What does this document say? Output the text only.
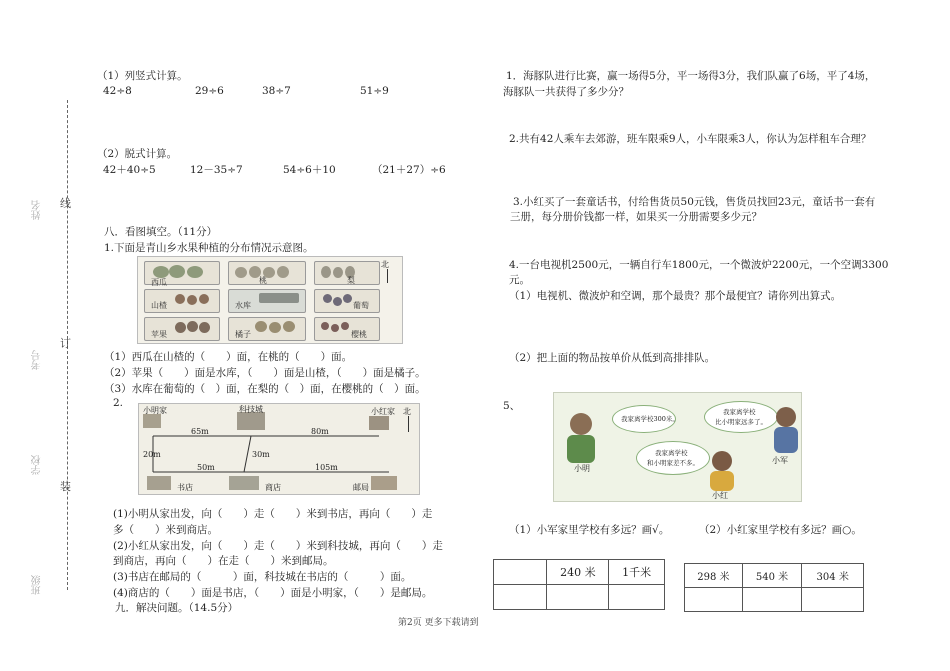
班级
学校
考号
姓名 线
订
装
（1）列竖式计算。
42÷8	29÷6	38÷7	51÷9
（2）脱式计算。
42＋40÷5	12－35÷7	54÷6＋10	（21＋27）÷6
八．看图填空。（11分）
1.下面是青山乡水果种植的分布情况示意图。
西瓜	桃	梨
北
山楂	水库	葡萄
苹果	橘子	樱桃
（1）西瓜在山楂的（　　）面，在桃的（　　）面。
（2）苹果（　　）面是水库，（　　）面是山楂，（　　）面是橘子。
（3）水库在葡萄的（　）面，在梨的（　）面，在樱桃的（　）面。
2.
小明家	科技城	小红家 北
65m	80m
20m	30m
50m	105m
书店	商店	邮局
(1)小明从家出发，向（　　）走（　　）米到书店，再向（　　）走
多（　　）米到商店。
(2)小红从家出发，向（　　）走（　　）米到科技城，再向（　　）走
到商店，再向（　　）在走（　　）米到邮局。
(3)书店在邮局的（　　　）面，科技城在书店的（　　　）面。
(4)商店的（　　）面是书店，（　　）面是小明家，（　　）是邮局。
九．解决问题。（14.5分）
1．海豚队进行比赛，赢一场得5分，平一场得3分，我们队赢了6场，平了4场，
海豚队一共获得了多少分？
2.共有42人乘车去郊游，班车限乘9人，小车限乘3人，你认为怎样租车合理？
3.小红买了一套童话书，付给售货员50元钱，售货员找回23元，童话书一套有
三册，每分册价钱都一样，如果买一分册需要多少元？
4.一台电视机2500元，一辆自行车1800元，一个微波炉2200元，一个空调3300
元。
（1）电视机、微波炉和空调，那个最贵？那个最便宜？请你列出算式。
（2）把上面的物品按单价从低到高排排队。
5、
小明
我家离学校300米。
我家离学校
比小明家远多了。
小军
我家离学校
和小明家差不多。
小红
（1）小军家里学校有多远？画√。	（2）小红家里学校有多远？画○。
	240 米	1千米
			298 米	540 米	304 米

第2页 更多下载请到
